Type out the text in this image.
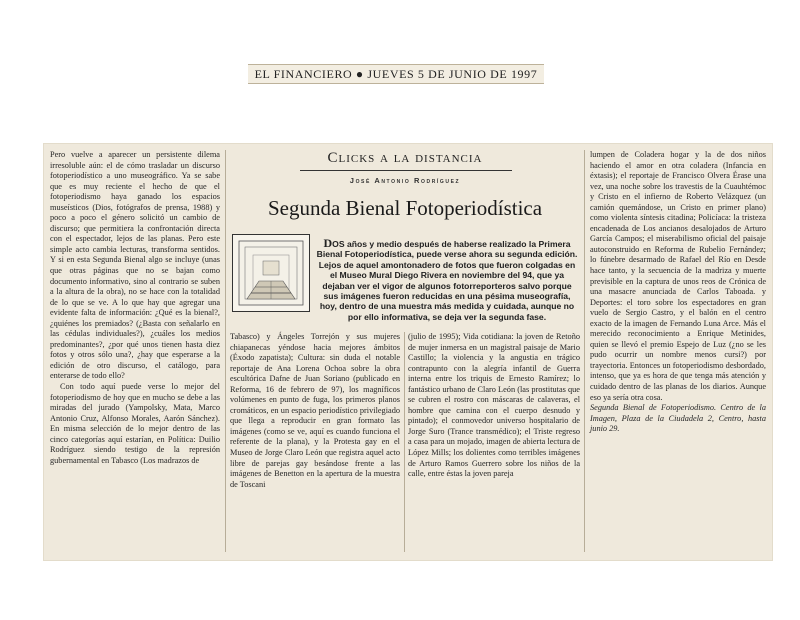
EL FINANCIERO ● JUEVES 5 DE JUNIO DE 1997
Clicks a la distancia
José Antonio Rodríguez
Segunda Bienal Fotoperiodística
DOS años y medio después de haberse realizado la Primera Bienal Fotoperiodística, puede verse ahora su segunda edición. Lejos de aquel amontonadero de fotos que fueron colgadas en el Museo Mural Diego Rivera en noviembre del 94, que ya dejaban ver el vigor de algunos fotorreporteros salvo porque sus imágenes fueron reducidas en una pésima museografía, hoy, dentro de una muestra más medida y cuidada, aunque no por ello informativa, se deja ver la segunda fase.

Pero vuelve a aparecer un persistente dilema irresoluble aún: el de cómo trasladar un discurso fotoperiodístico a uno museográfico. Ya se sabe que es muy reciente el hecho de que el fotoperiodismo haya ganado los espacios museísticos (Dios, fotógrafos de prensa, 1988) y poco a poco el género solicitó un cambio de discurso; que permitiera la confrontación directa con el espectador, lejos de las planas. Pero este simple acto cambia lecturas, transforma sentidos. Y si en esta Segunda Bienal algo se incluye (unas que otras páginas que no se bajan como documento informativo, sino al contrario se suben a la altura de la obra), no se hace con la totalidad de lo que se ve. A lo que hay que agregar una evidente falta de información: ¿Qué es la bienal?, ¿quiénes los premiados? (¿Basta con señalarlo en las cédulas individuales?), ¿cuáles los medios predominantes?, ¿por qué unos tienen hasta diez fotos y otros sólo una?, ¿hay que esperarse a la edición de otro discurso, el catálogo, para enterarse de todo ello?

Con todo aquí puede verse lo mejor del fotoperiodismo de hoy que en mucho se debe a las miradas del jurado (Yampolsky, Mata, Marco Antonio Cruz, Alfonso Morales, Aarón Sánchez). En misma selección de lo mejor dentro de las cinco categorías aquí estarían, en Política: Duilio Rodríguez siendo testigo de la represión gubernamental en Tabasco (Los madrazos de

Tabasco) y Ángeles Torrejón y sus mujeres chiapanecas yéndose hacia mejores ámbitos (Éxodo zapatista); Cultura: sin duda el notable reportaje de Ana Lorena Ochoa sobre la obra escultórica Dafne de Juan Soriano (publicado en Reforma, 16 de febrero de 97), los magníficos volúmenes en punto de fuga, los primeros planos cromáticos, en un espacio periodístico privilegiado que llega a reproducir en gran formato las imágenes (como se ve, aquí es cuando funciona el referente de la plana), y la Protesta gay en el Museo de Jorge Claro León que registra aquel acto libre de parejas gay besándose frente a las imágenes de Benetton en la apertura de la muestra de Toscani

(julio de 1995); Vida cotidiana: la joven de Retoño de mujer inmersa en un magistral paisaje de Mario Castillo; la violencia y la angustia en trágico contrapunto con la alegría infantil de Guerra interna entre los triquis de Ernesto Ramírez; lo fantástico urbano de Claro León (las prostitutas que se cubren el rostro con máscaras de calaveras, el hombre que camina con el cuerpo desnudo y pintado); el conmovedor universo hospitalario de Jorge Suro (Trance transmédico); el Triste regreso a casa para un mojado, imagen de abierta lectura de López Mills; los dolientes como terribles imágenes de Arturo Ramos Guerrero sobre los niños de la calle, entre éstas la joven pareja

lumpen de Coladera hogar y la de dos niños haciendo el amor en otra coladera (Infancia en éxtasis); el reportaje de Francisco Olvera Érase una vez, una noche sobre los travestis de la Cuauhtémoc y Cristo en el infierno de Roberto Velázquez (un camión quemándose, un Cristo en primer plano) como violenta síntesis citadina; Policíaca: la tristeza encadenada de Los ancianos desalojados de Arturo García Campos; el miserabilismo oficial del paisaje autoconstruido en Reforma de Rubelio Fernández; lo fúnebre desarmado de Rafael del Río en Desde hace tanto, y la secuencia de la madriza y muerte previsible en la captura de unos reos de Crónica de una masacre anunciada de Carlos Taboada. y Deportes: el toro sobre los espectadores en gran vuelo de Sergio Castro, y el balón en el centro exacto de la imagen de Fernando Luna Arce. Más el merecido reconocimiento a Enrique Metinides, quien se llevó el premio Espejo de Luz (¿no se les pudo ocurrir un nombre menos cursi?) por trayectoria. Entonces un fotoperiodismo desbordado, intenso, que ya es hora de que tenga más atención y cuidado dentro de las planas de los diarios. Aunque eso ya sería otra cosa.

Segunda Bienal de Fotoperiodismo. Centro de la Imagen, Plaza de la Ciudadela 2, Centro, hasta junio 29.
